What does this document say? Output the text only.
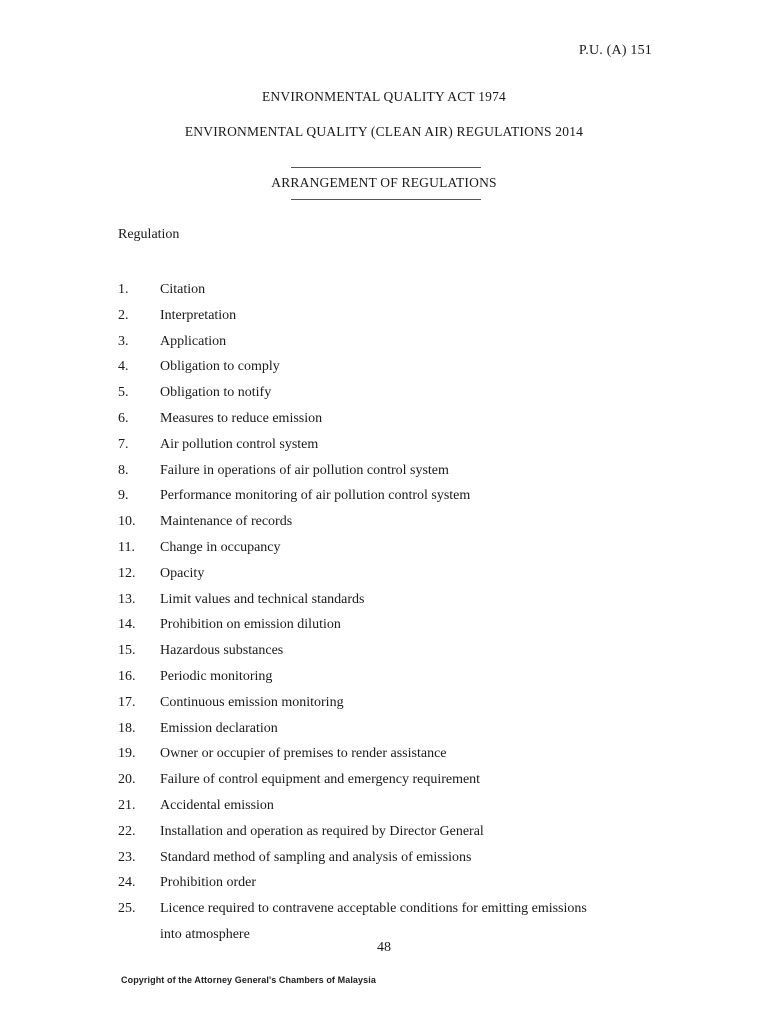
P.U. (A) 151
ENVIRONMENTAL QUALITY ACT 1974
ENVIRONMENTAL QUALITY (CLEAN AIR) REGULATIONS 2014
ARRANGEMENT OF REGULATIONS
Regulation
1.	Citation
2.	Interpretation
3.	Application
4.	Obligation to comply
5.	Obligation to notify
6.	Measures to reduce emission
7.	Air pollution control system
8.	Failure in operations of air pollution control system
9.	Performance monitoring of air pollution control system
10.	Maintenance of records
11.	Change in occupancy
12.	Opacity
13.	Limit values and technical standards
14.	Prohibition on emission dilution
15.	Hazardous substances
16.	Periodic monitoring
17.	Continuous emission monitoring
18.	Emission declaration
19.	Owner or occupier of premises to render assistance
20.	Failure of control equipment and emergency requirement
21.	Accidental emission
22.	Installation and operation as required by Director General
23.	Standard method of sampling and analysis of emissions
24.	Prohibition order
25.	Licence required to contravene acceptable conditions for emitting emissions
into atmosphere
48
Copyright of the Attorney General's Chambers of Malaysia
